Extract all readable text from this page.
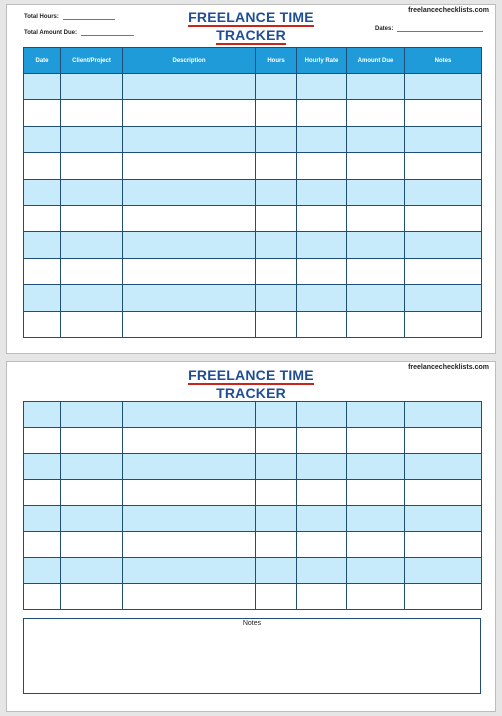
Total Hours:
Total Amount Due:
Dates:
freelancechecklists.com
FREELANCE TIME
TRACKER
Date	Client/Project	Description	Hours	Hourly Rate	Amount Due	Notes

freelancechecklists.com
FREELANCE TIME
TRACKER

Notes
